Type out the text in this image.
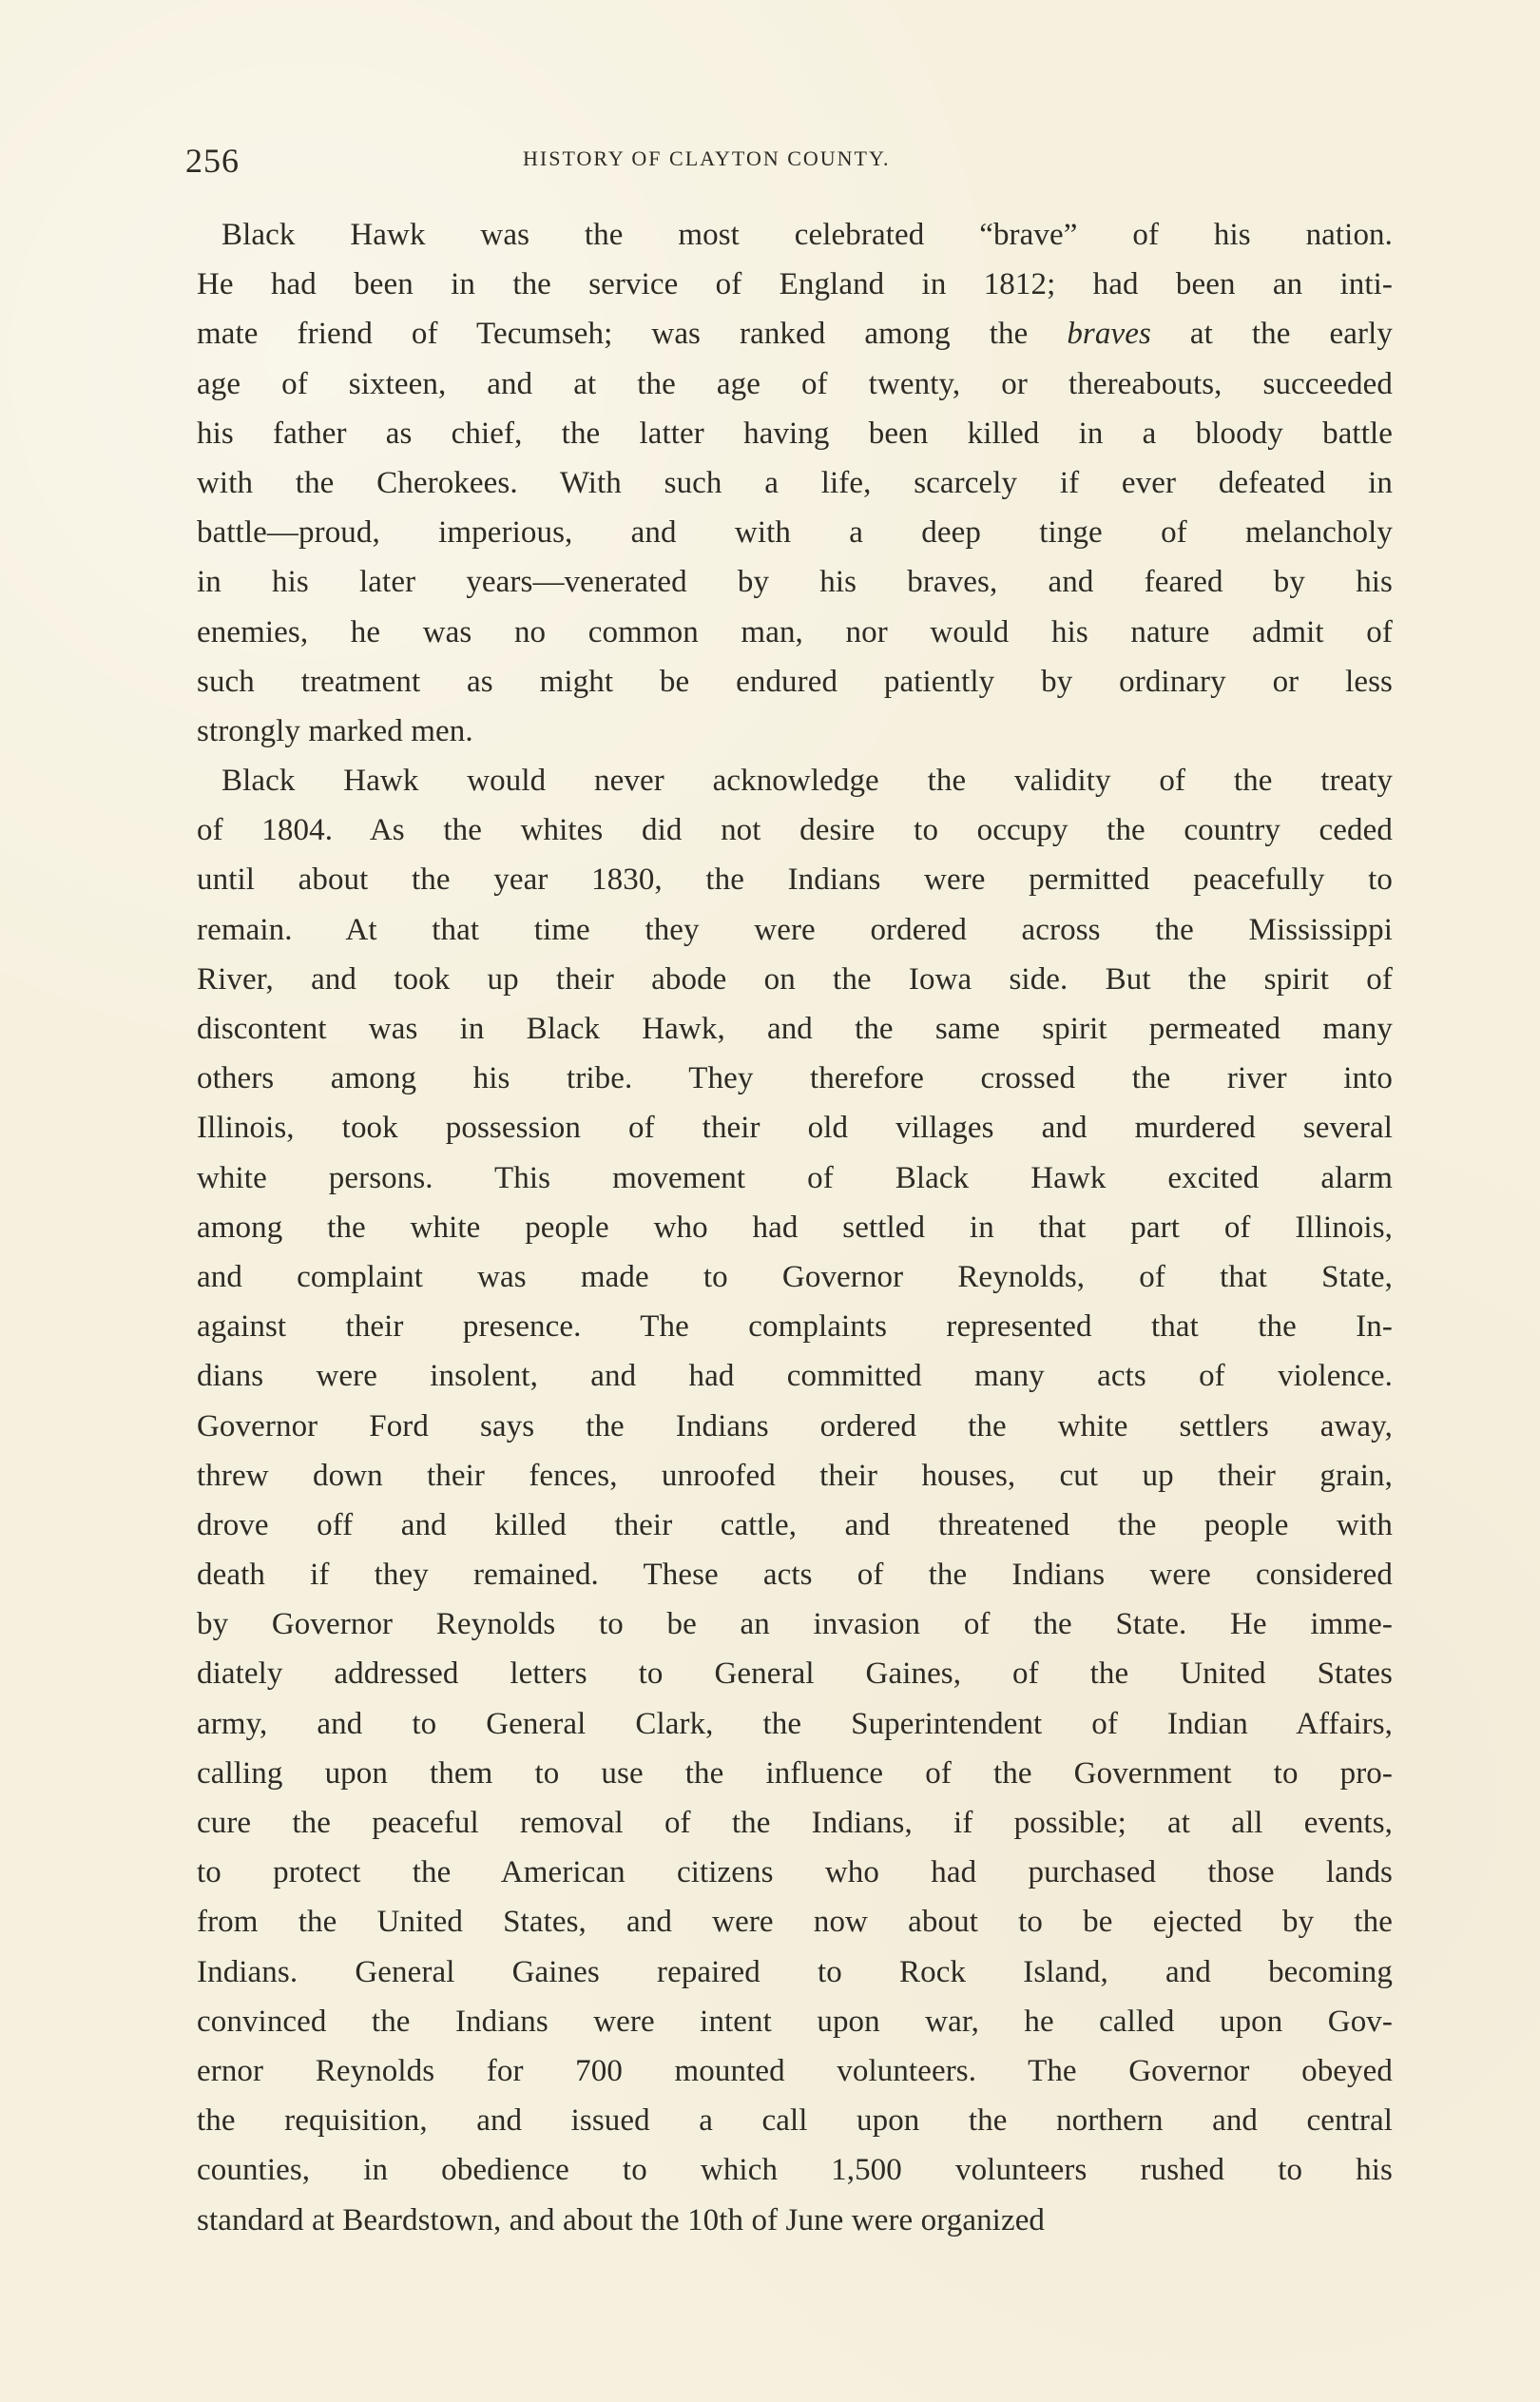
256	HISTORY OF CLAYTON COUNTY.
Black Hawk was the most celebrated “brave” of his nation.
He had been in the service of England in 1812; had been an inti-
mate friend of Tecumseh; was ranked among the braves at the early
age of sixteen, and at the age of twenty, or thereabouts, succeeded
his father as chief, the latter having been killed in a bloody battle
with the Cherokees. With such a life, scarcely if ever defeated in
battle—proud, imperious, and with a deep tinge of melancholy
in his later years—venerated by his braves, and feared by his
enemies, he was no common man, nor would his nature admit of
such treatment as might be endured patiently by ordinary or less
strongly marked men.
Black Hawk would never acknowledge the validity of the treaty
of 1804. As the whites did not desire to occupy the country ceded
until about the year 1830, the Indians were permitted peacefully to
remain. At that time they were ordered across the Mississippi
River, and took up their abode on the Iowa side. But the spirit of
discontent was in Black Hawk, and the same spirit permeated many
others among his tribe. They therefore crossed the river into
Illinois, took possession of their old villages and murdered several
white persons. This movement of Black Hawk excited alarm
among the white people who had settled in that part of Illinois,
and complaint was made to Governor Reynolds, of that State,
against their presence. The complaints represented that the In-
dians were insolent, and had committed many acts of violence.
Governor Ford says the Indians ordered the white settlers away,
threw down their fences, unroofed their houses, cut up their grain,
drove off and killed their cattle, and threatened the people with
death if they remained. These acts of the Indians were considered
by Governor Reynolds to be an invasion of the State. He imme-
diately addressed letters to General Gaines, of the United States
army, and to General Clark, the Superintendent of Indian Affairs,
calling upon them to use the influence of the Government to pro-
cure the peaceful removal of the Indians, if possible; at all events,
to protect the American citizens who had purchased those lands
from the United States, and were now about to be ejected by the
Indians. General Gaines repaired to Rock Island, and becoming
convinced the Indians were intent upon war, he called upon Gov-
ernor Reynolds for 700 mounted volunteers. The Governor obeyed
the requisition, and issued a call upon the northern and central
counties, in obedience to which 1,500 volunteers rushed to his
standard at Beardstown, and about the 10th of June were organized
